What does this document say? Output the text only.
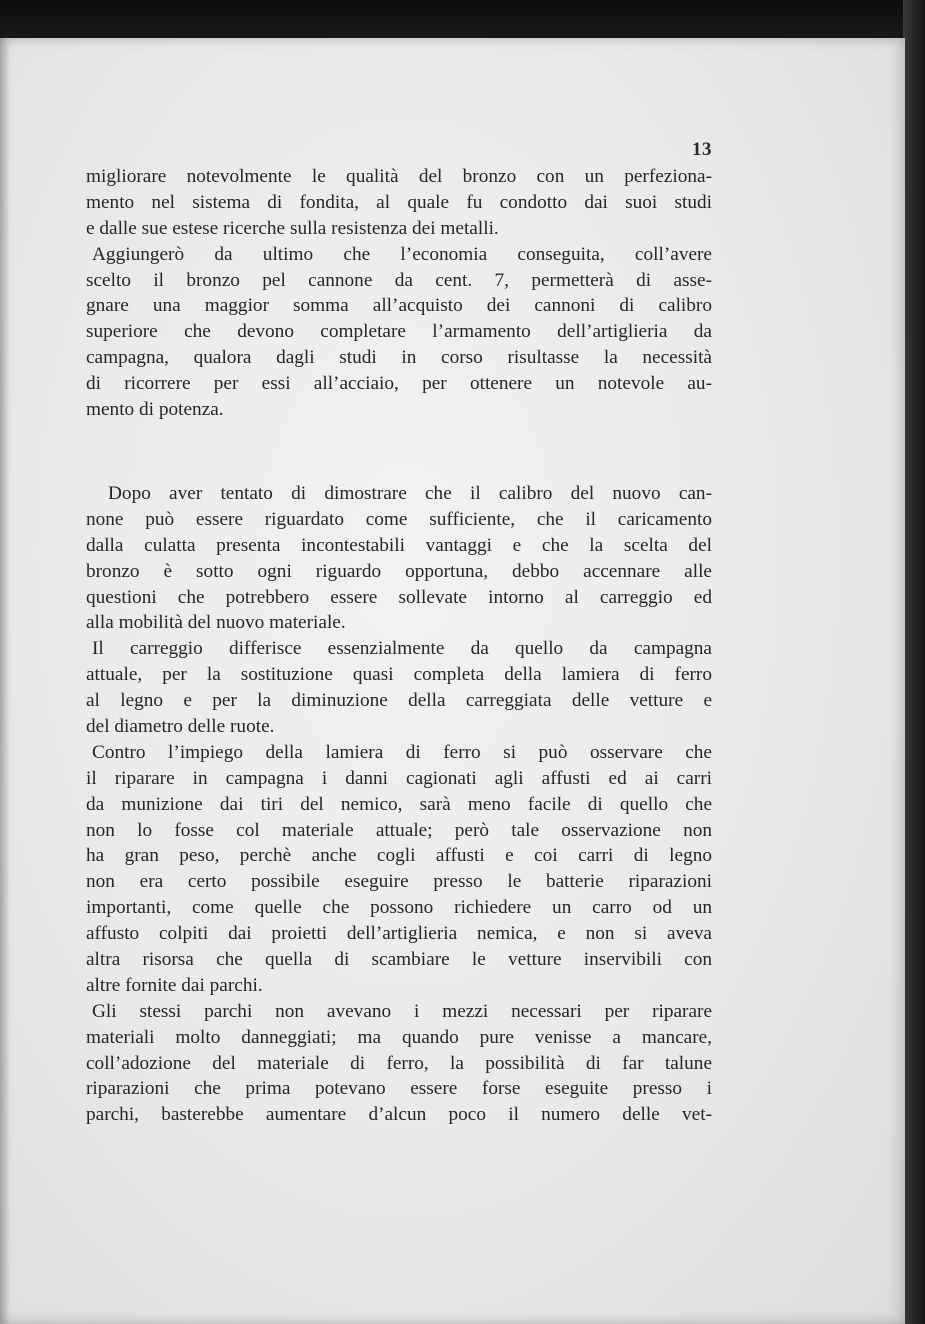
13
migliorare notevolmente le qualità del bronzo con un perfeziona-
mento nel sistema di fondita, al quale fu condotto dai suoi studi
e dalle sue estese ricerche sulla resistenza dei metalli.
Aggiungerò da ultimo che l’economia conseguita, coll’avere
scelto il bronzo pel cannone da cent. 7, permetterà di asse-
gnare una maggior somma all’acquisto dei cannoni di calibro
superiore che devono completare l’armamento dell’artiglieria da
campagna, qualora dagli studi in corso risultasse la necessità
di ricorrere per essi all’acciaio, per ottenere un notevole au-
mento di potenza.
Dopo aver tentato di dimostrare che il calibro del nuovo can-
none può essere riguardato come sufficiente, che il caricamento
dalla culatta presenta incontestabili vantaggi e che la scelta del
bronzo è sotto ogni riguardo opportuna, debbo accennare alle
questioni che potrebbero essere sollevate intorno al carreggio ed
alla mobilità del nuovo materiale.
Il carreggio differisce essenzialmente da quello da campagna
attuale, per la sostituzione quasi completa della lamiera di ferro
al legno e per la diminuzione della carreggiata delle vetture e
del diametro delle ruote.
Contro l’impiego della lamiera di ferro si può osservare che
il riparare in campagna i danni cagionati agli affusti ed ai carri
da munizione dai tiri del nemico, sarà meno facile di quello che
non lo fosse col materiale attuale; però tale osservazione non
ha gran peso, perchè anche cogli affusti e coi carri di legno
non era certo possibile eseguire presso le batterie riparazioni
importanti, come quelle che possono richiedere un carro od un
affusto colpiti dai proietti dell’artiglieria nemica, e non si aveva
altra risorsa che quella di scambiare le vetture inservibili con
altre fornite dai parchi.
Gli stessi parchi non avevano i mezzi necessari per riparare
materiali molto danneggiati; ma quando pure venisse a mancare,
coll’adozione del materiale di ferro, la possibilità di far talune
riparazioni che prima potevano essere forse eseguite presso i
parchi, basterebbe aumentare d’alcun poco il numero delle vet-
